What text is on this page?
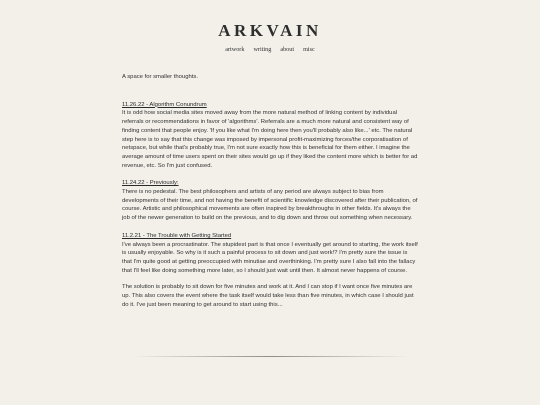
ARKVAIN
artwork writing about misc

A space for smaller thoughts.

11.26.22 - Algorithm Conundrum

It is odd how social media sites moved away from the more natural method of linking content by individual referrals or recommendations in favor of 'algorithms'. Referrals are a much more natural and consistent way of finding content that people enjoy. 'If you like what I'm doing here then you'll probably also like...' etc. The natural step here is to say that this change was imposed by impersonal profit-maximizing forces/the corporatisation of netspace, but while that's probably true, I'm not sure exactly how this is beneficial for them either. I imagine the average amount of time users spent on their sites would go up if they liked the content more which is better for ad revenue, etc. So I'm just confused.

11.24.22 - Previously:

There is no pedestal. The best philosophers and artists of any period are always subject to bias from developments of their time, and not having the benefit of scientific knowledge discovered after their publication, of course. Artistic and philosophical movements are often inspired by breakthroughs in other fields. It's always the job of the newer generation to build on the previous, and to dig down and throw out something when necessary.

11.2.21 - The Trouble with Getting Started

I've always been a procrastinator. The stupidest part is that once I eventually get around to starting, the work itself is usually enjoyable. So why is it such a painful process to sit down and just work!? I'm pretty sure the issue is that I'm quite good at getting preoccupied with minutiae and overthinking. I'm pretty sure I also fall into the fallacy that I'll feel like doing something more later, so I should just wait until then. It almost never happens of course.

The solution is probably to sit down for five minutes and work at it. And I can stop if I want once five minutes are up. This also covers the event where the task itself would take less than five minutes, in which case I should just do it. I've just been meaning to get around to start using this...
